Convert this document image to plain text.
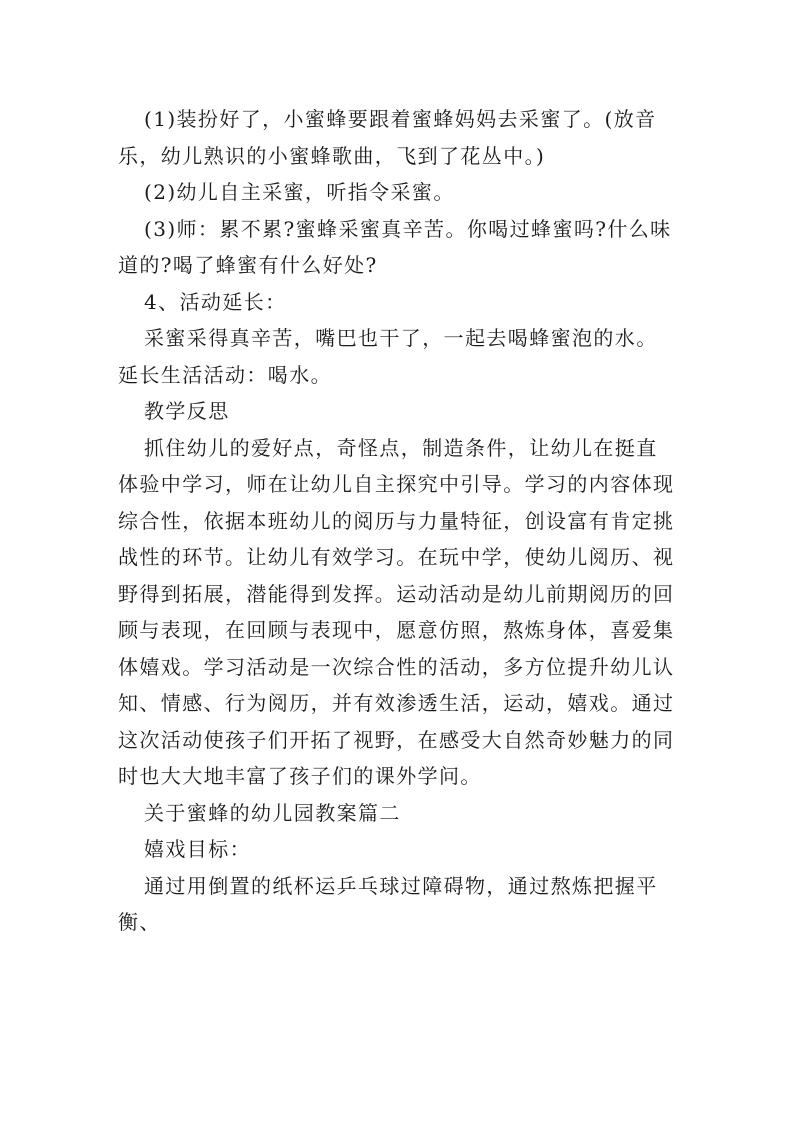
(1)装扮好了，小蜜蜂要跟着蜜蜂妈妈去采蜜了。(放音乐，幼儿熟识的小蜜蜂歌曲，飞到了花丛中。)

(2)幼儿自主采蜜，听指令采蜜。

(3)师：累不累?蜜蜂采蜜真辛苦。你喝过蜂蜜吗?什么味道的?喝了蜂蜜有什么好处?

4、活动延长：

采蜜采得真辛苦，嘴巴也干了，一起去喝蜂蜜泡的水。延长生活活动：喝水。

教学反思

抓住幼儿的爱好点，奇怪点，制造条件，让幼儿在挺直体验中学习，师在让幼儿自主探究中引导。学习的内容体现综合性，依据本班幼儿的阅历与力量特征，创设富有肯定挑战性的环节。让幼儿有效学习。在玩中学，使幼儿阅历、视野得到拓展，潜能得到发挥。运动活动是幼儿前期阅历的回顾与表现，在回顾与表现中，愿意仿照，熬炼身体，喜爱集体嬉戏。学习活动是一次综合性的活动，多方位提升幼儿认知、情感、行为阅历，并有效渗透生活，运动，嬉戏。通过这次活动使孩子们开拓了视野，在感受大自然奇妙魅力的同时也大大地丰富了孩子们的课外学问。

关于蜜蜂的幼儿园教案篇二

嬉戏目标：

通过用倒置的纸杯运乒乓球过障碍物，通过熬炼把握平衡、
